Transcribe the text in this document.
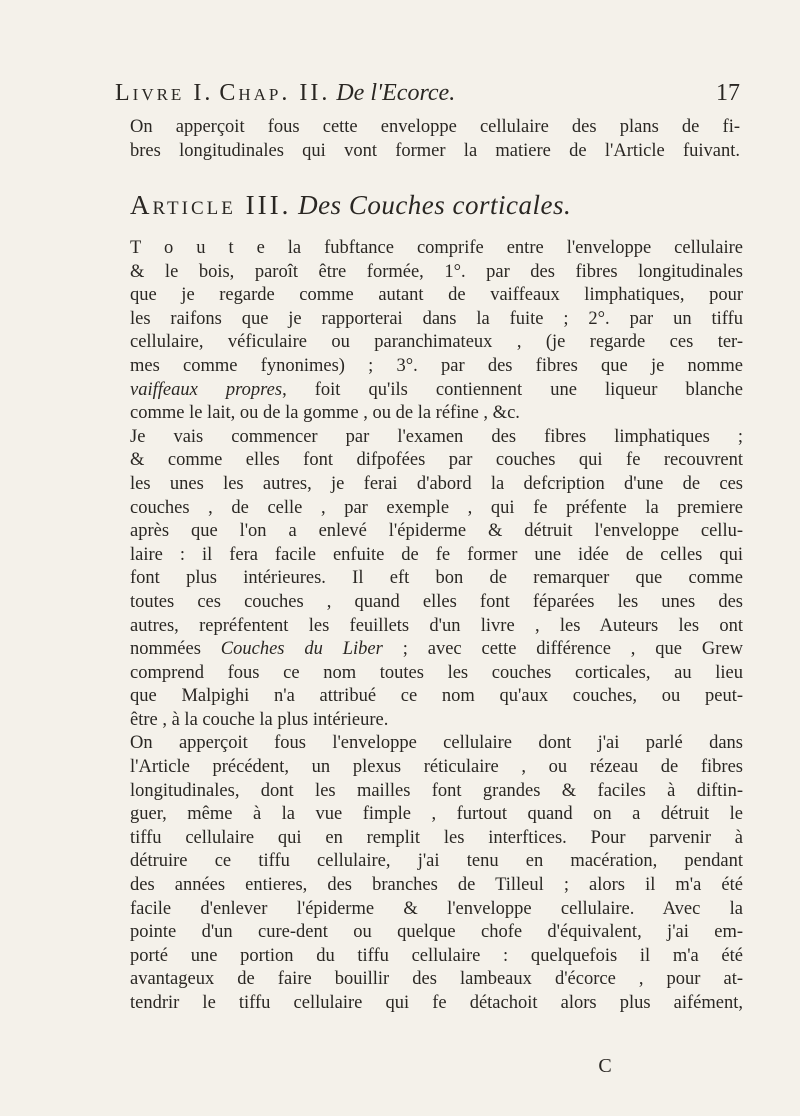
Livre I. Chap. II. De l'Ecorce.	17
On apperçoit fous cette enveloppe cellulaire des plans de fi-
bres longitudinales qui vont former la matiere de l'Article fuivant.
Article III. Des Couches corticales.
T o u t e la fubftance comprife entre l'enveloppe cellulaire
& le bois, paroît être formée, 1°. par des fibres longitudinales
que je regarde comme autant de vaiffeaux limphatiques, pour
les raifons que je rapporterai dans la fuite ; 2°. par un tiffu
cellulaire, véficulaire ou paranchimateux , (je regarde ces ter-
mes comme fynonimes) ; 3°. par des fibres que je nomme
vaiffeaux propres, foit qu'ils contiennent une liqueur blanche
comme le lait, ou de la gomme , ou de la réfine , &c.
Je vais commencer par l'examen des fibres limphatiques ;
& comme elles font difpofées par couches qui fe recouvrent
les unes les autres, je ferai d'abord la defcription d'une de ces
couches , de celle , par exemple , qui fe préfente la premiere
après que l'on a enlevé l'épiderme & détruit l'enveloppe cellu-
laire : il fera facile enfuite de fe former une idée de celles qui
font plus intérieures. Il eft bon de remarquer que comme
toutes ces couches , quand elles font féparées les unes des
autres, repréfentent les feuillets d'un livre , les Auteurs les ont
nommées Couches du Liber ; avec cette différence , que Grew
comprend fous ce nom toutes les couches corticales, au lieu
que Malpighi n'a attribué ce nom qu'aux couches, ou peut-
être , à la couche la plus intérieure.
On apperçoit fous l'enveloppe cellulaire dont j'ai parlé dans
l'Article précédent, un plexus réticulaire , ou rézeau de fibres
longitudinales, dont les mailles font grandes & faciles à diftin-
guer, même à la vue fimple , furtout quand on a détruit le
tiffu cellulaire qui en remplit les interftices. Pour parvenir à
détruire ce tiffu cellulaire, j'ai tenu en macération, pendant
des années entieres, des branches de Tilleul ; alors il m'a été
facile d'enlever l'épiderme & l'enveloppe cellulaire. Avec la
pointe d'un cure-dent ou quelque chofe d'équivalent, j'ai em-
porté une portion du tiffu cellulaire : quelquefois il m'a été
avantageux de faire bouillir des lambeaux d'écorce , pour at-
tendrir le tiffu cellulaire qui fe détachoit alors plus aifément,
C
